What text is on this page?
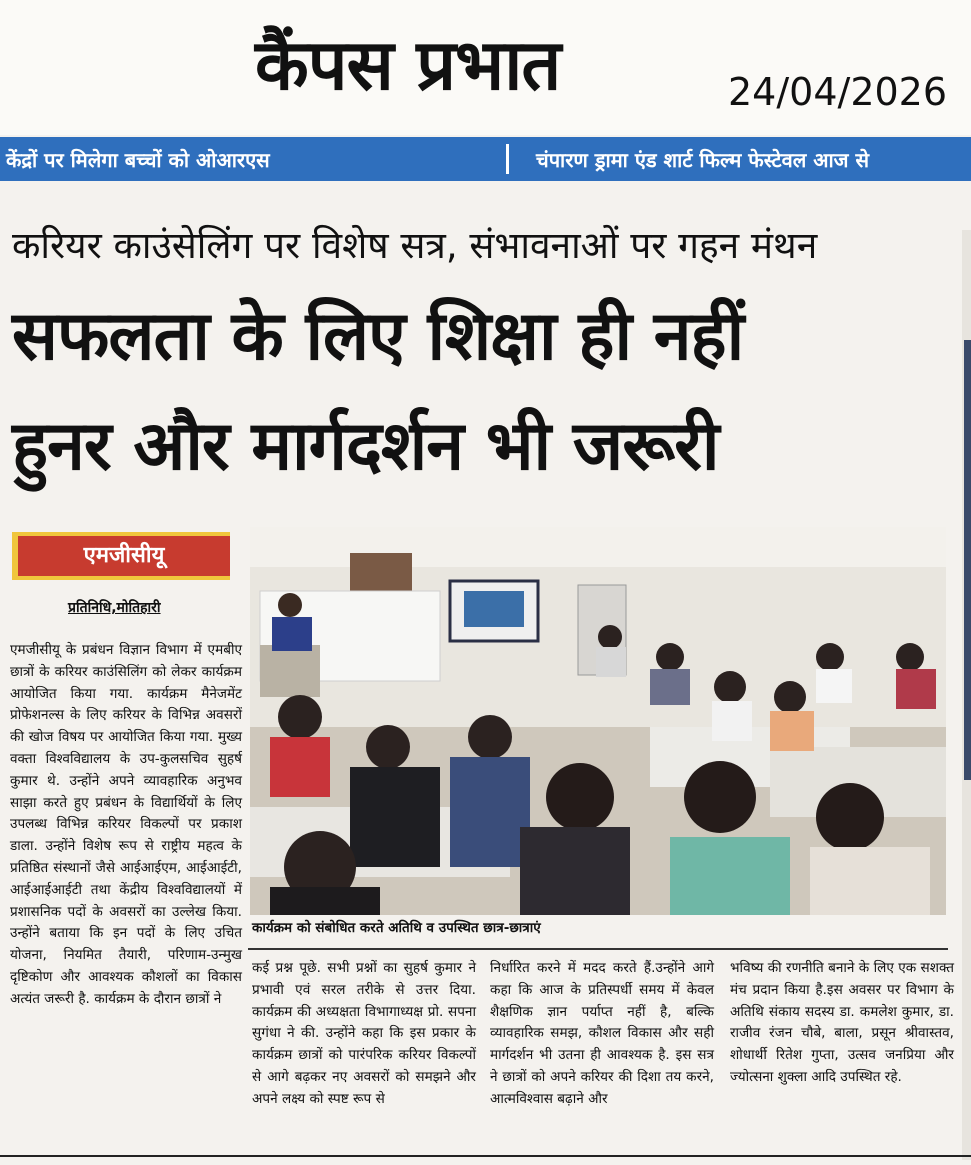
कैंपस प्रभात	24/04/2026
केंद्रों पर मिलेगा बच्चों को ओआरएस	चंपारण ड्रामा एंड शार्ट फिल्म फेस्टेवल आज से
करियर काउंसेलिंग पर विशेष सत्र, संभावनाओं पर गहन मंथन
सफलता के लिए शिक्षा ही नहीं
हुनर और मार्गदर्शन भी जरूरी
एमजीसीयू
प्रतिनिधि,मोतिहारी
एमजीसीयू के प्रबंधन विज्ञान विभाग में एमबीए छात्रों के करियर काउंसिलिंग को लेकर कार्यक्रम आयोजित किया गया. कार्यक्रम मैनेजमेंट प्रोफेशनल्स के लिए करियर के विभिन्न अवसरों की खोज विषय पर आयोजित किया गया. मुख्य वक्ता विश्वविद्यालय के उप-कुलसचिव सुहर्ष कुमार थे. उन्होंने अपने व्यावहारिक अनुभव साझा करते हुए प्रबंधन के विद्यार्थियों के लिए उपलब्ध विभिन्न करियर विकल्पों पर प्रकाश डाला. उन्होंने विशेष रूप से राष्ट्रीय महत्व के प्रतिष्ठित संस्थानों जैसे आईआईएम, आईआईटी, आईआईआईटी तथा केंद्रीय विश्वविद्यालयों में प्रशासनिक पदों के अवसरों का उल्लेख किया. उन्होंने बताया कि इन पदों के लिए उचित योजना, नियमित तैयारी, परिणाम-उन्मुख दृष्टिकोण और आवश्यक कौशलों का विकास अत्यंत जरूरी है. कार्यक्रम के दौरान छात्रों ने
कार्यक्रम को संबोधित करते अतिथि व उपस्थित छात्र-छात्राएं
कई प्रश्न पूछे. सभी प्रश्नों का सुहर्ष कुमार ने प्रभावी एवं सरल तरीके से उत्तर दिया. कार्यक्रम की अध्यक्षता विभागाध्यक्ष प्रो. सपना सुगंधा ने की. उन्होंने कहा कि इस प्रकार के कार्यक्रम छात्रों को पारंपरिक करियर विकल्पों से आगे बढ़कर नए अवसरों को समझने और अपने लक्ष्य को स्पष्ट रूप से
निर्धारित करने में मदद करते हैं.उन्होंने आगे कहा कि आज के प्रतिस्पर्धी समय में केवल शैक्षणिक ज्ञान पर्याप्त नहीं है, बल्कि व्यावहारिक समझ, कौशल विकास और सही मार्गदर्शन भी उतना ही आवश्यक है. इस सत्र ने छात्रों को अपने करियर की दिशा तय करने, आत्मविश्वास बढ़ाने और
भविष्य की रणनीति बनाने के लिए एक सशक्त मंच प्रदान किया है.इस अवसर पर विभाग के अतिथि संकाय सदस्य डा. कमलेश कुमार, डा. राजीव रंजन चौबे, बाला, प्रसून श्रीवास्तव, शोधार्थी रितेश गुप्ता, उत्सव जनप्रिया और ज्योत्सना शुक्ला आदि उपस्थित रहे.
